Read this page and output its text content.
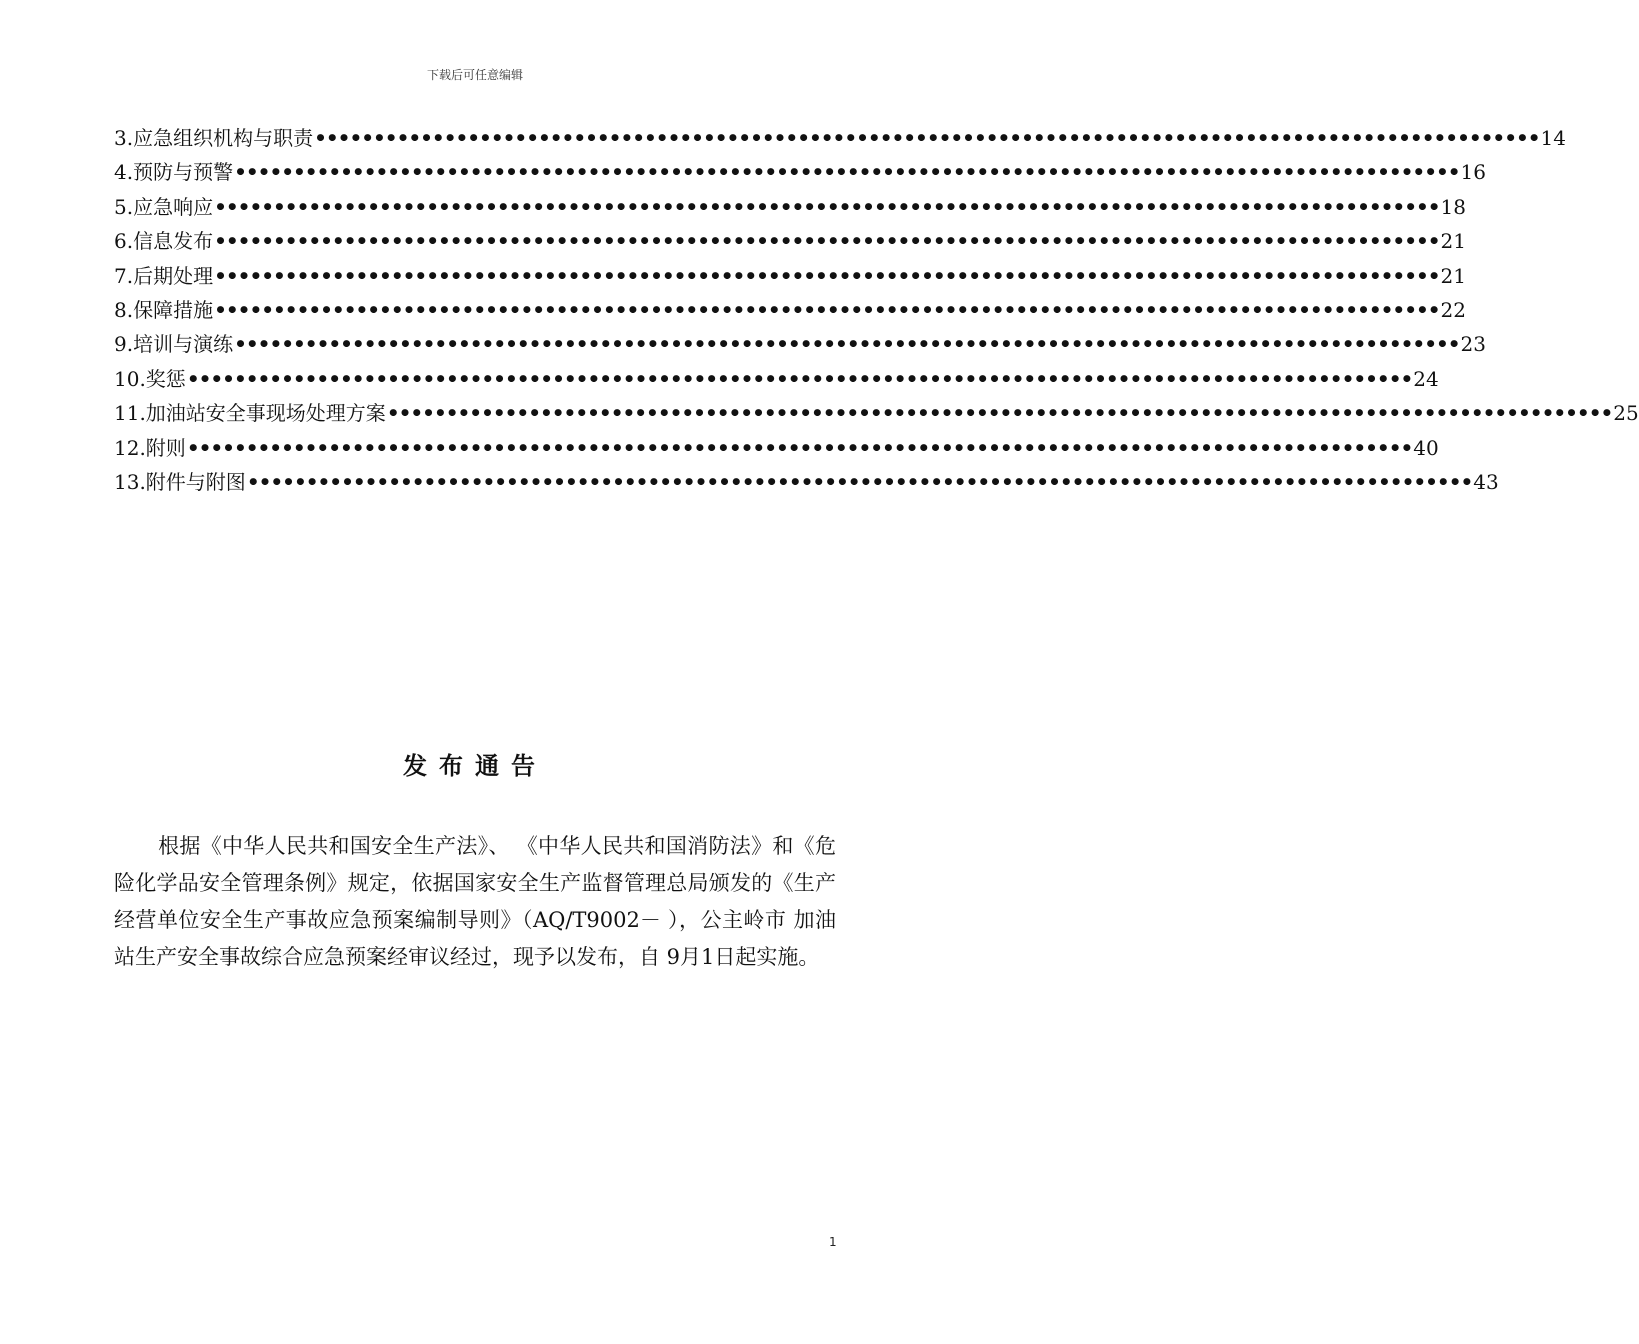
下载后可任意编辑
3.应急组织机构与职责 •••••••••••••••••••••••••••••••••••••••••••••••••••••••••••••••••••••••••••••••••••••••••••••••••••••••• 14
4.预防与预警 •••••••••••••••••••••••••••••••••••••••••••••••••••••••••••••••••••••••••••••••••••••••••••••••••••••••• 16
5.应急响应 •••••••••••••••••••••••••••••••••••••••••••••••••••••••••••••••••••••••••••••••••••••••••••••••••••••••• 18
6.信息发布 •••••••••••••••••••••••••••••••••••••••••••••••••••••••••••••••••••••••••••••••••••••••••••••••••••••••• 21
7.后期处理 •••••••••••••••••••••••••••••••••••••••••••••••••••••••••••••••••••••••••••••••••••••••••••••••••••••••• 21
8.保障措施 •••••••••••••••••••••••••••••••••••••••••••••••••••••••••••••••••••••••••••••••••••••••••••••••••••••••• 22
9.培训与演练 •••••••••••••••••••••••••••••••••••••••••••••••••••••••••••••••••••••••••••••••••••••••••••••••••••••••• 23
10.奖惩 •••••••••••••••••••••••••••••••••••••••••••••••••••••••••••••••••••••••••••••••••••••••••••••••••••••••• 24
11.加油站安全事现场处理方案 •••••••••••••••••••••••••••••••••••••••••••••••••••••••••••••••••••••••••••••••••••••••••••••••••••••••• 25
12.附则 •••••••••••••••••••••••••••••••••••••••••••••••••••••••••••••••••••••••••••••••••••••••••••••••••••••••• 40
13.附件与附图 •••••••••••••••••••••••••••••••••••••••••••••••••••••••••••••••••••••••••••••••••••••••••••••••••••••••• 43
发布通告

根据《中华人民共和国安全生产法》、 《中华人民共和国消防法》和《危险化学品安全管理条例》规定，依据国家安全生产监督管理总局颁发的《生产经营单位安全生产事故应急预案编制导则》（AQ/T9002－ ），公主岭市 加油站生产安全事故综合应急预案经审议经过，现予以发布，自 9月1日起实施。

1
